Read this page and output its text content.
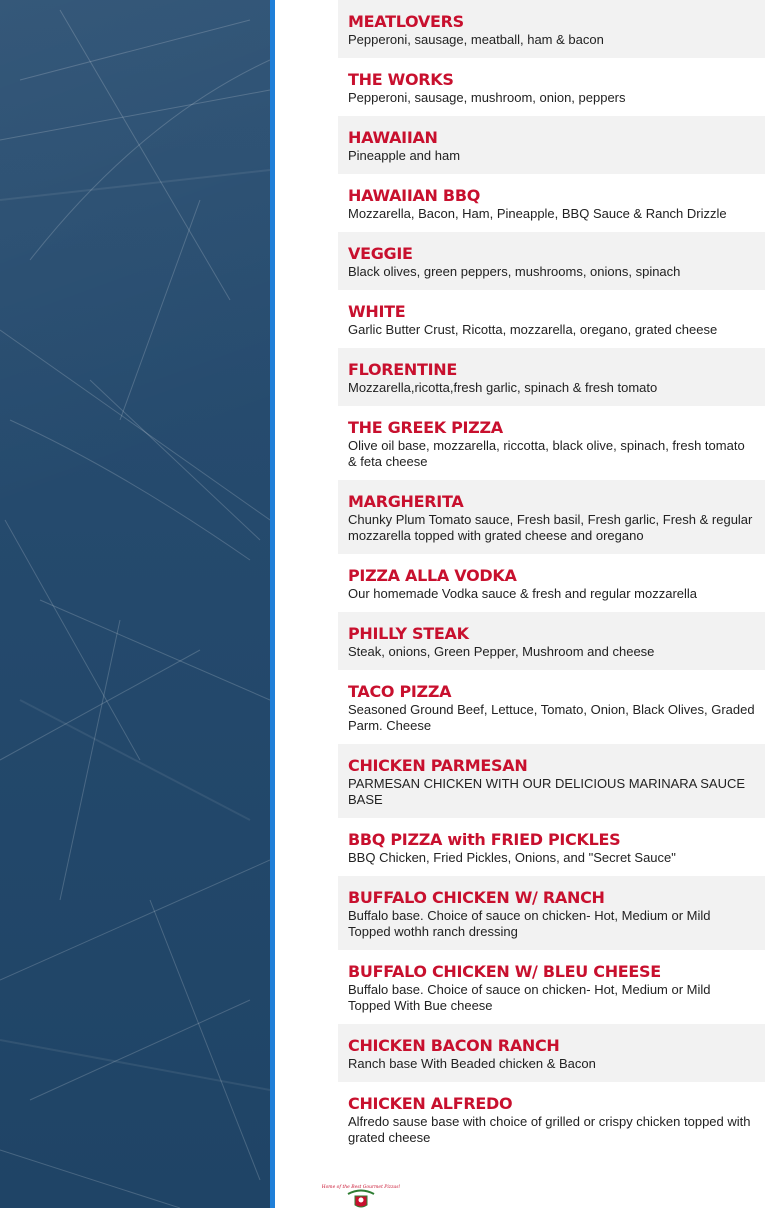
MEATLOVERS

Pepperoni, sausage, meatball, ham & bacon

THE WORKS

Pepperoni, sausage, mushroom, onion, peppers

HAWAIIAN

Pineapple and ham

HAWAIIAN BBQ

Mozzarella, Bacon, Ham, Pineapple, BBQ Sauce & Ranch Drizzle

VEGGIE

Black olives, green peppers, mushrooms, onions, spinach

WHITE

Garlic Butter Crust, Ricotta, mozzarella, oregano, grated cheese

FLORENTINE

Mozzarella,ricotta,fresh garlic, spinach & fresh tomato

THE GREEK PIZZA

Olive oil base, mozzarella, riccotta, black olive, spinach, fresh tomato & feta cheese

MARGHERITA

Chunky Plum Tomato sauce, Fresh basil, Fresh garlic, Fresh & regular mozzarella topped with grated cheese and oregano

PIZZA ALLA VODKA

Our homemade Vodka sauce & fresh and regular mozzarella

PHILLY STEAK

Steak, onions, Green Pepper, Mushroom and cheese

TACO PIZZA

Seasoned Ground Beef, Lettuce, Tomato, Onion, Black Olives, Graded Parm. Cheese

CHICKEN PARMESAN

PARMESAN CHICKEN WITH OUR DELICIOUS MARINARA SAUCE BASE

BBQ PIZZA with FRIED PICKLES

BBQ Chicken, Fried Pickles, Onions, and "Secret Sauce"

BUFFALO CHICKEN W/ RANCH

Buffalo base. Choice of sauce on chicken- Hot, Medium or Mild Topped wothh ranch dressing

BUFFALO CHICKEN W/ BLEU CHEESE

Buffalo base. Choice of sauce on chicken- Hot, Medium or Mild Topped With Bue cheese

CHICKEN BACON RANCH

Ranch base With Beaded chicken & Bacon

CHICKEN ALFREDO

Alfredo sause base with choice of grilled or crispy chicken topped with grated cheese

Home of the Best Gourmet Pizzas!
